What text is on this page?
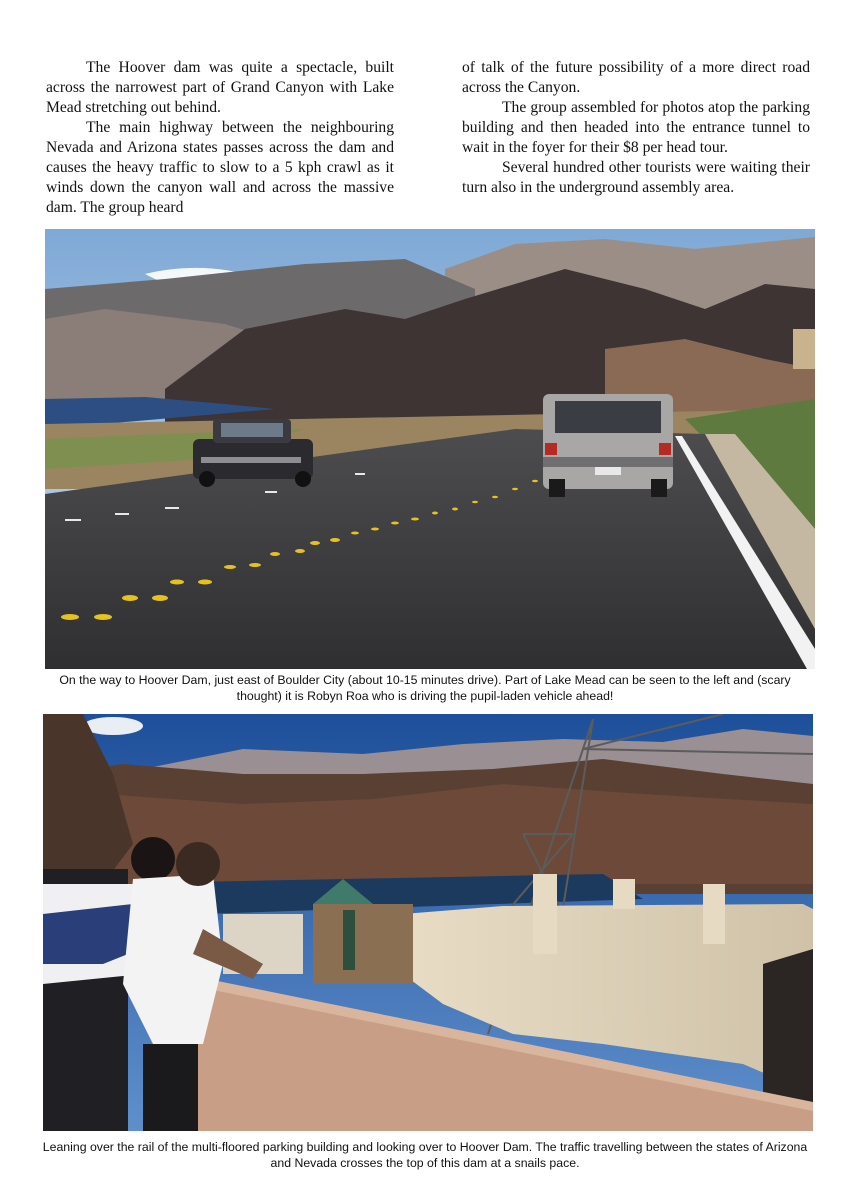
The Hoover dam was quite a spectacle, built across the narrowest part of Grand Canyon with Lake Mead stretching out behind.

The main highway between the neighbouring Nevada and Arizona states passes across the dam and causes the heavy traffic to slow to a 5 kph crawl as it winds down the canyon wall and across the massive dam. The group heard

of talk of the future possibility of a more direct road across the Canyon.

The group assembled for photos atop the parking building and then headed into the entrance tunnel to wait in the foyer for their $8 per head tour.

Several hundred other tourists were waiting their turn also in the underground assembly area.

On the way to Hoover Dam, just east of Boulder City (about 10-15 minutes drive). Part of Lake Mead can be seen to the left and (scary thought) it is Robyn Roa who is driving the pupil-laden vehicle ahead!
Leaning over the rail of the multi-floored parking building and looking over to Hoover Dam. The traffic travelling between the states of Arizona and Nevada crosses the top of this dam at a snails pace.
